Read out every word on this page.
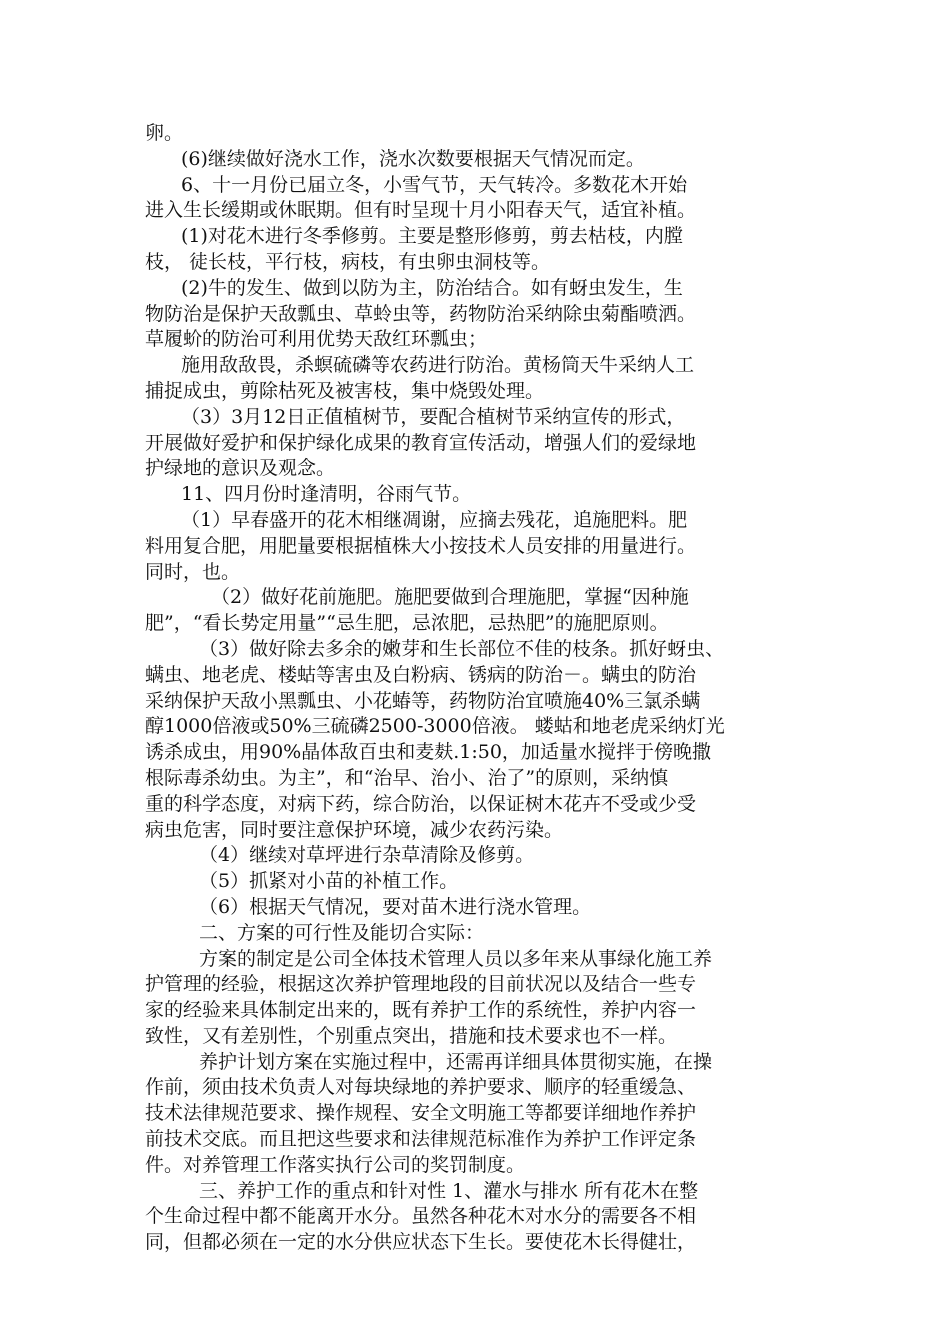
卵。
(6)继续做好浇水工作，浇水次数要根据天气情况而定。
6、十一月份已届立冬，小雪气节，天气转冷。多数花木开始
进入生长缓期或休眠期。但有时呈现十月小阳春天气，适宜补植。
(1)对花木进行冬季修剪。主要是整形修剪，剪去枯枝，内膛
枝， 徒长枝，平行枝，病枝，有虫卵虫洞枝等。
(2)牛的发生、做到以防为主，防治结合。如有蚜虫发生，生
物防治是保护天敌瓢虫、草蛉虫等，药物防治采纳除虫菊酯喷洒。
草履蚧的防治可利用优势天敌红环瓢虫；
施用敌敌畏，杀螟硫磷等农药进行防治。黄杨筒天牛采纳人工
捕捉成虫，剪除枯死及被害枝，集中烧毁处理。
（3）3月12日正值植树节，要配合植树节采纳宣传的形式，
开展做好爱护和保护绿化成果的教育宣传活动，增强人们的爱绿地
护绿地的意识及观念。
11、四月份时逢清明，谷雨气节。
（1）早春盛开的花木相继凋谢，应摘去残花，追施肥料。肥
料用复合肥，用肥量要根据植株大小按技术人员安排的用量进行。
同时，也。
（2）做好花前施肥。施肥要做到合理施肥，掌握“因种施
肥”，“看长势定用量”“忌生肥，忌浓肥，忌热肥”的施肥原则。
（3）做好除去多余的嫩芽和生长部位不佳的枝条。抓好蚜虫、
螨虫、地老虎、楼蛄等害虫及白粉病、锈病的防治－。螨虫的防治
采纳保护天敌小黑瓢虫、小花蝽等，药物防治宜喷施40%三氯杀螨
醇1000倍液或50%三硫磷2500-3000倍液。 蝼蛄和地老虎采纳灯光
诱杀成虫，用90%晶体敌百虫和麦麸.1:50，加适量水搅拌于傍晚撒
根际毒杀幼虫。为主”，和“治早、治小、治了”的原则，采纳慎
重的科学态度，对病下药，综合防治，以保证树木花卉不受或少受
病虫危害，同时要注意保护环境，减少农药污染。
（4）继续对草坪进行杂草清除及修剪。
（5）抓紧对小苗的补植工作。
（6）根据天气情况，要对苗木进行浇水管理。
二、方案的可行性及能切合实际：
方案的制定是公司全体技术管理人员以多年来从事绿化施工养
护管理的经验，根据这次养护管理地段的目前状况以及结合一些专
家的经验来具体制定出来的，既有养护工作的系统性，养护内容一
致性，又有差别性，个别重点突出，措施和技术要求也不一样。
养护计划方案在实施过程中，还需再详细具体贯彻实施，在操
作前，须由技术负责人对每块绿地的养护要求、顺序的轻重缓急、
技术法律规范要求、操作规程、安全文明施工等都要详细地作养护
前技术交底。而且把这些要求和法律规范标准作为养护工作评定条
件。对养管理工作落实执行公司的奖罚制度。
三、养护工作的重点和针对性 1、灌水与排水 所有花木在整
个生命过程中都不能离开水分。虽然各种花木对水分的需要各不相
同，但都必须在一定的水分供应状态下生长。要使花木长得健壮，
